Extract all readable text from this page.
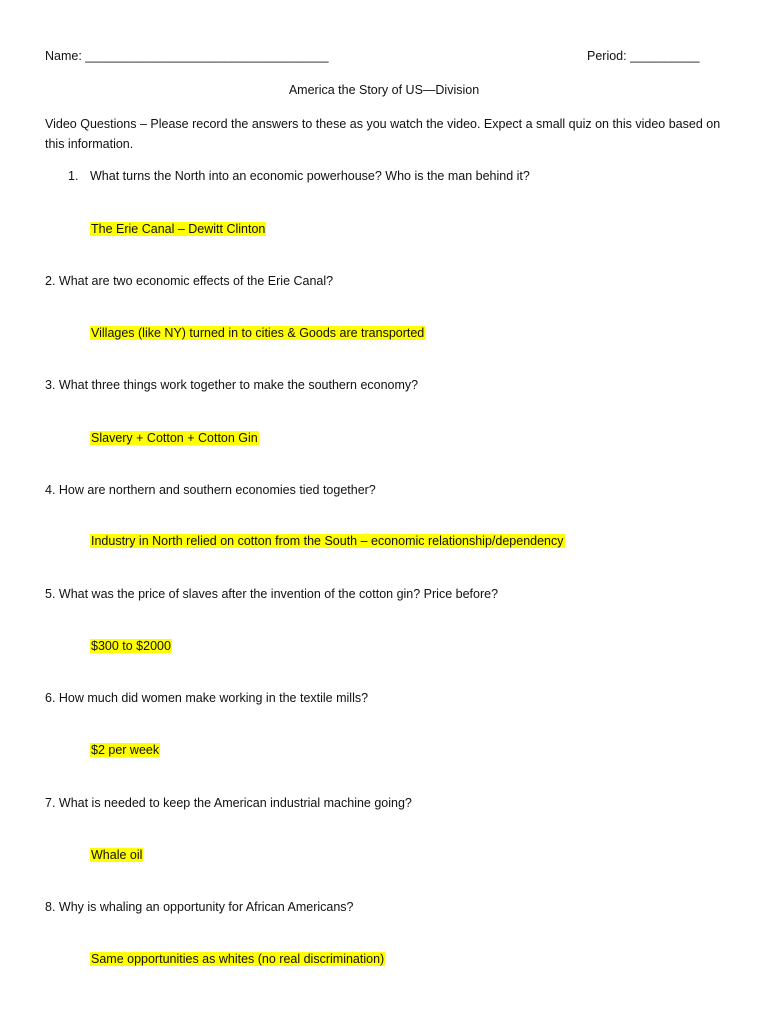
Name: ___________________________________	Period: __________
America the Story of US—Division
Video Questions – Please record the answers to these as you watch the video. Expect a small quiz on this video based on
this information.
1. What turns the North into an economic powerhouse? Who is the man behind it?
The Erie Canal – Dewitt Clinton
2. What are two economic effects of the Erie Canal?
Villages (like NY) turned in to cities & Goods are transported
3. What three things work together to make the southern economy?
Slavery + Cotton + Cotton Gin
4. How are northern and southern economies tied together?
Industry in North relied on cotton from the South – economic relationship/dependency
5. What was the price of slaves after the invention of the cotton gin? Price before?
$300 to $2000
6. How much did women make working in the textile mills?
$2 per week
7. What is needed to keep the American industrial machine going?
Whale oil
8. Why is whaling an opportunity for African Americans?
Same opportunities as whites (no real discrimination)
